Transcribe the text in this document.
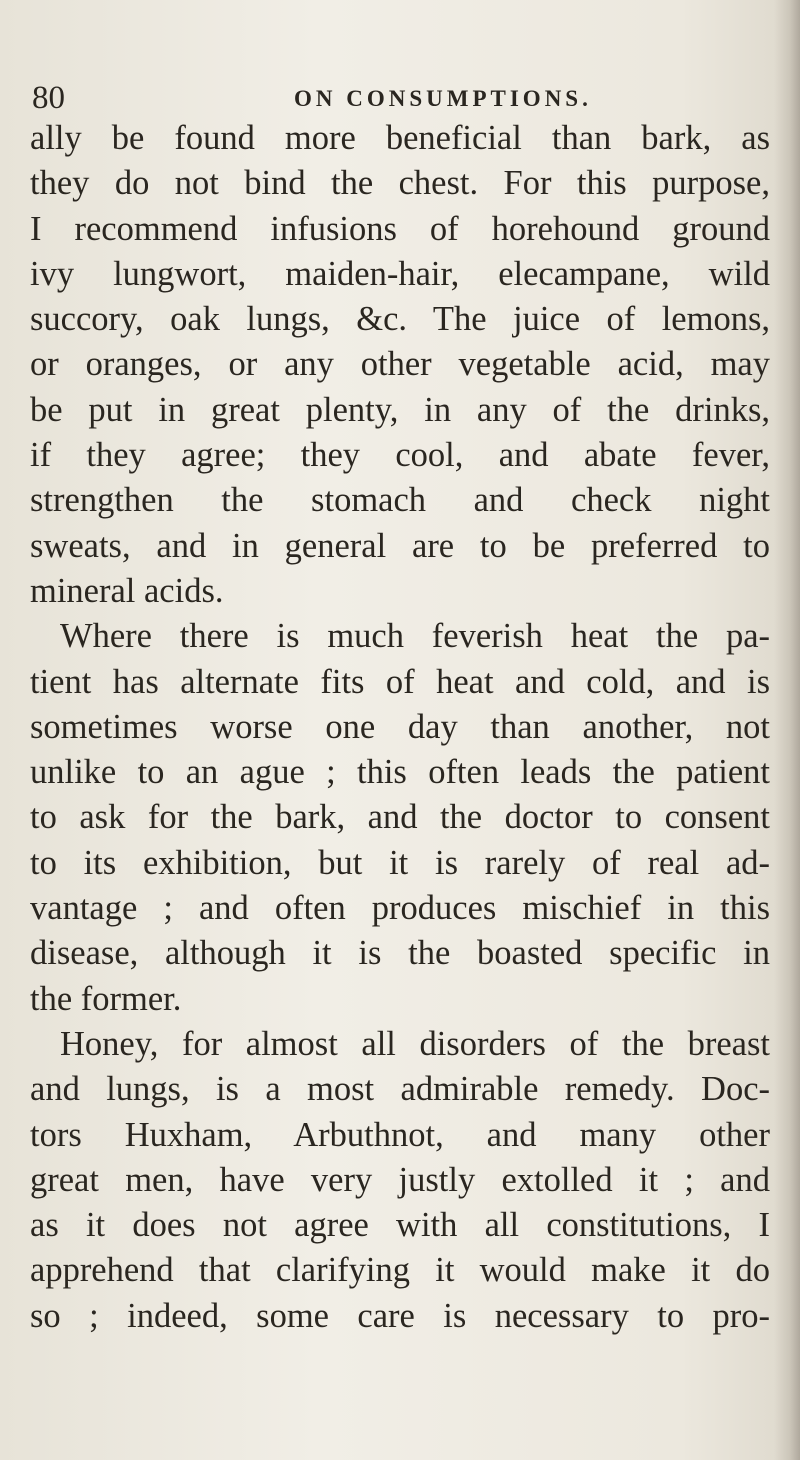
80	ON CONSUMPTIONS.
ally be found more beneficial than bark, as
they do not bind the chest. For this purpose,
I recommend infusions of horehound ground
ivy lungwort, maiden-hair, elecampane, wild
succory, oak lungs, &c. The juice of lemons,
or oranges, or any other vegetable acid, may
be put in great plenty, in any of the drinks,
if they agree; they cool, and abate fever,
strengthen the stomach and check night
sweats, and in general are to be preferred to
mineral acids.
Where there is much feverish heat the pa-
tient has alternate fits of heat and cold, and is
sometimes worse one day than another, not
unlike to an ague ; this often leads the patient
to ask for the bark, and the doctor to consent
to its exhibition, but it is rarely of real ad-
vantage ; and often produces mischief in this
disease, although it is the boasted specific in
the former.
Honey, for almost all disorders of the breast
and lungs, is a most admirable remedy. Doc-
tors Huxham, Arbuthnot, and many other
great men, have very justly extolled it ; and
as it does not agree with all constitutions, I
apprehend that clarifying it would make it do
so ; indeed, some care is necessary to pro-
